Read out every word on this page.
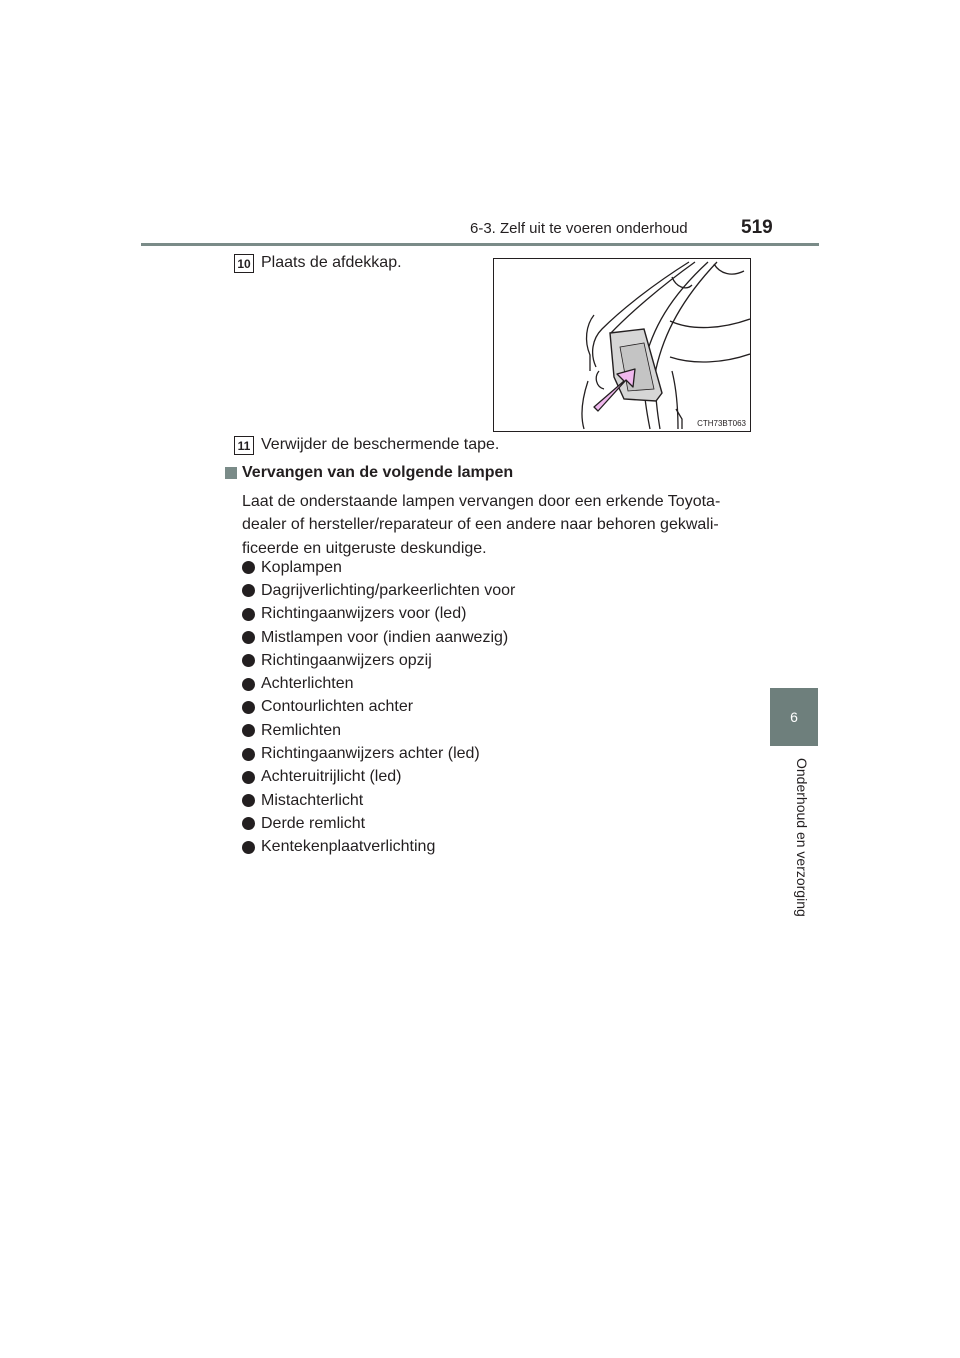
6-3. Zelf uit te voeren onderhoud	519
6
Onderhoud en verzorging
10 Plaats de afdekkap.
CTH73BT063
11 Verwijder de beschermende tape.
Vervangen van de volgende lampen
Laat de onderstaande lampen vervangen door een erkende Toyota-dealer of hersteller/reparateur of een andere naar behoren gekwali-ficeerde en uitgeruste deskundige.
Koplampen
Dagrijverlichting/parkeerlichten voor
Richtingaanwijzers voor (led)
Mistlampen voor (indien aanwezig)
Richtingaanwijzers opzij
Achterlichten
Contourlichten achter
Remlichten
Richtingaanwijzers achter (led)
Achteruitrijlicht (led)
Mistachterlicht
Derde remlicht
Kentekenplaatverlichting
